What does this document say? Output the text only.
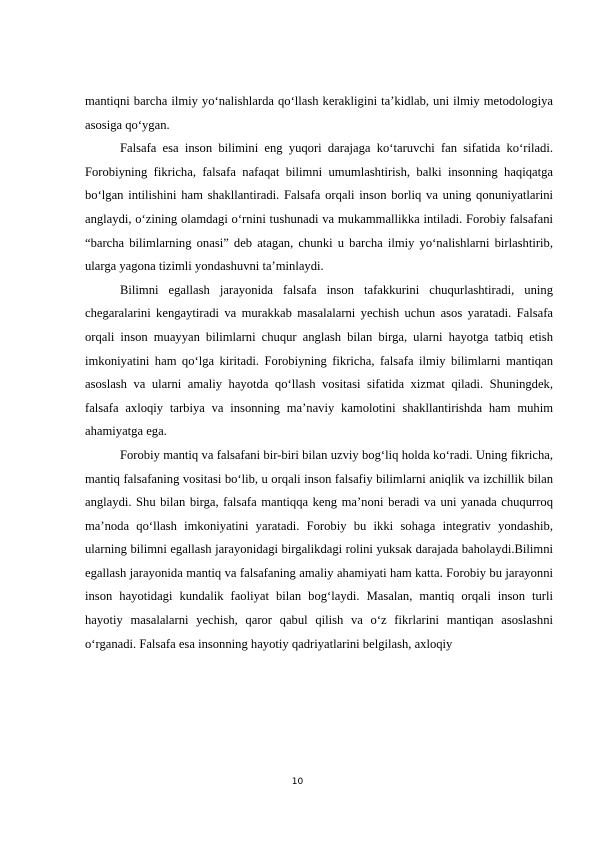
mantiqni barcha ilmiy yo‘nalishlarda qo‘llash kerakligini ta’kidlab, uni ilmiy metodologiya asosiga qo‘ygan.

Falsafa esa inson bilimini eng yuqori darajaga ko‘taruvchi fan sifatida ko‘riladi. Forobiyning fikricha, falsafa nafaqat bilimni umumlashtirish, balki insonning haqiqatga bo‘lgan intilishini ham shakllantiradi. Falsafa orqali inson borliq va uning qonuniyatlarini anglaydi, o‘zining olamdagi o‘rnini tushunadi va mukammallikka intiladi. Forobiy falsafani “barcha bilimlarning onasi” deb atagan, chunki u barcha ilmiy yo‘nalishlarni birlashtirib, ularga yagona tizimli yondashuvni ta’minlaydi.

Bilimni egallash jarayonida falsafa inson tafakkurini chuqurlashtiradi, uning chegaralarini kengaytiradi va murakkab masalalarni yechish uchun asos yaratadi. Falsafa orqali inson muayyan bilimlarni chuqur anglash bilan birga, ularni hayotga tatbiq etish imkoniyatini ham qo‘lga kiritadi. Forobiyning fikricha, falsafa ilmiy bilimlarni mantiqan asoslash va ularni amaliy hayotda qo‘llash vositasi sifatida xizmat qiladi. Shuningdek, falsafa axloqiy tarbiya va insonning ma’naviy kamolotini shakllantirishda ham muhim ahamiyatga ega.

Forobiy mantiq va falsafani bir-biri bilan uzviy bog‘liq holda ko‘radi. Uning fikricha, mantiq falsafaning vositasi bo‘lib, u orqali inson falsafiy bilimlarni aniqlik va izchillik bilan anglaydi. Shu bilan birga, falsafa mantiqqa keng ma’noni beradi va uni yanada chuqurroq ma’noda qo‘llash imkoniyatini yaratadi. Forobiy bu ikki sohaga integrativ yondashib, ularning bilimni egallash jarayonidagi birgalikdagi rolini yuksak darajada baholaydi.Bilimni egallash jarayonida mantiq va falsafaning amaliy ahamiyati ham katta. Forobiy bu jarayonni inson hayotidagi kundalik faoliyat bilan bog‘laydi. Masalan, mantiq orqali inson turli hayotiy masalalarni yechish, qaror qabul qilish va o‘z fikrlarini mantiqan asoslashni o‘rganadi. Falsafa esa insonning hayotiy qadriyatlarini belgilash, axloqiy

10
